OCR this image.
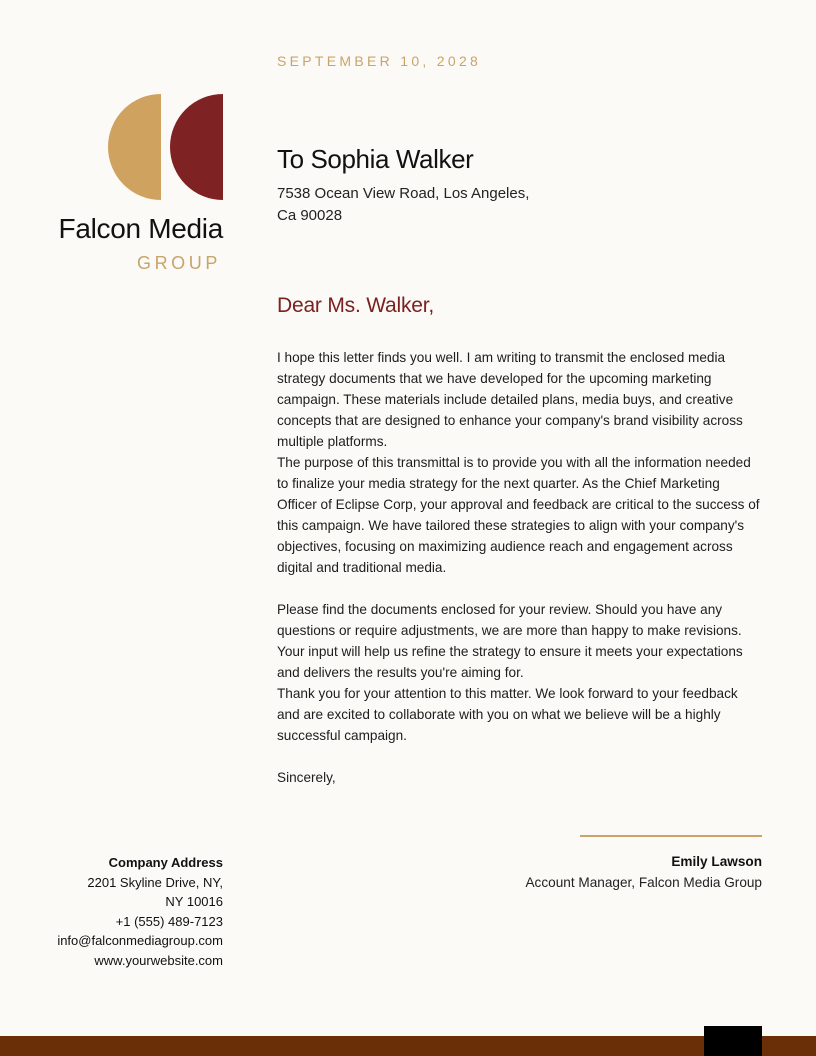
SEPTEMBER 10, 2028
Falcon Media
GROUP
To Sophia Walker
7538 Ocean View Road, Los Angeles,
Ca 90028
Dear Ms. Walker,

I hope this letter finds you well. I am writing to transmit the enclosed media strategy documents that we have developed for the upcoming marketing campaign. These materials include detailed plans, media buys, and creative concepts that are designed to enhance your company's brand visibility across multiple platforms.

The purpose of this transmittal is to provide you with all the information needed to finalize your media strategy for the next quarter. As the Chief Marketing Officer of Eclipse Corp, your approval and feedback are critical to the success of this campaign. We have tailored these strategies to align with your company's objectives, focusing on maximizing audience reach and engagement across digital and traditional media.

Please find the documents enclosed for your review. Should you have any questions or require adjustments, we are more than happy to make revisions. Your input will help us refine the strategy to ensure it meets your expectations and delivers the results you're aiming for.

Thank you for your attention to this matter. We look forward to your feedback and are excited to collaborate with you on what we believe will be a highly successful campaign.

Sincerely,

Emily Lawson
Account Manager, Falcon Media Group
Company Address
2201 Skyline Drive, NY,
NY 10016
+1 (555) 489-7123
info@falconmediagroup.com
www.yourwebsite.com
